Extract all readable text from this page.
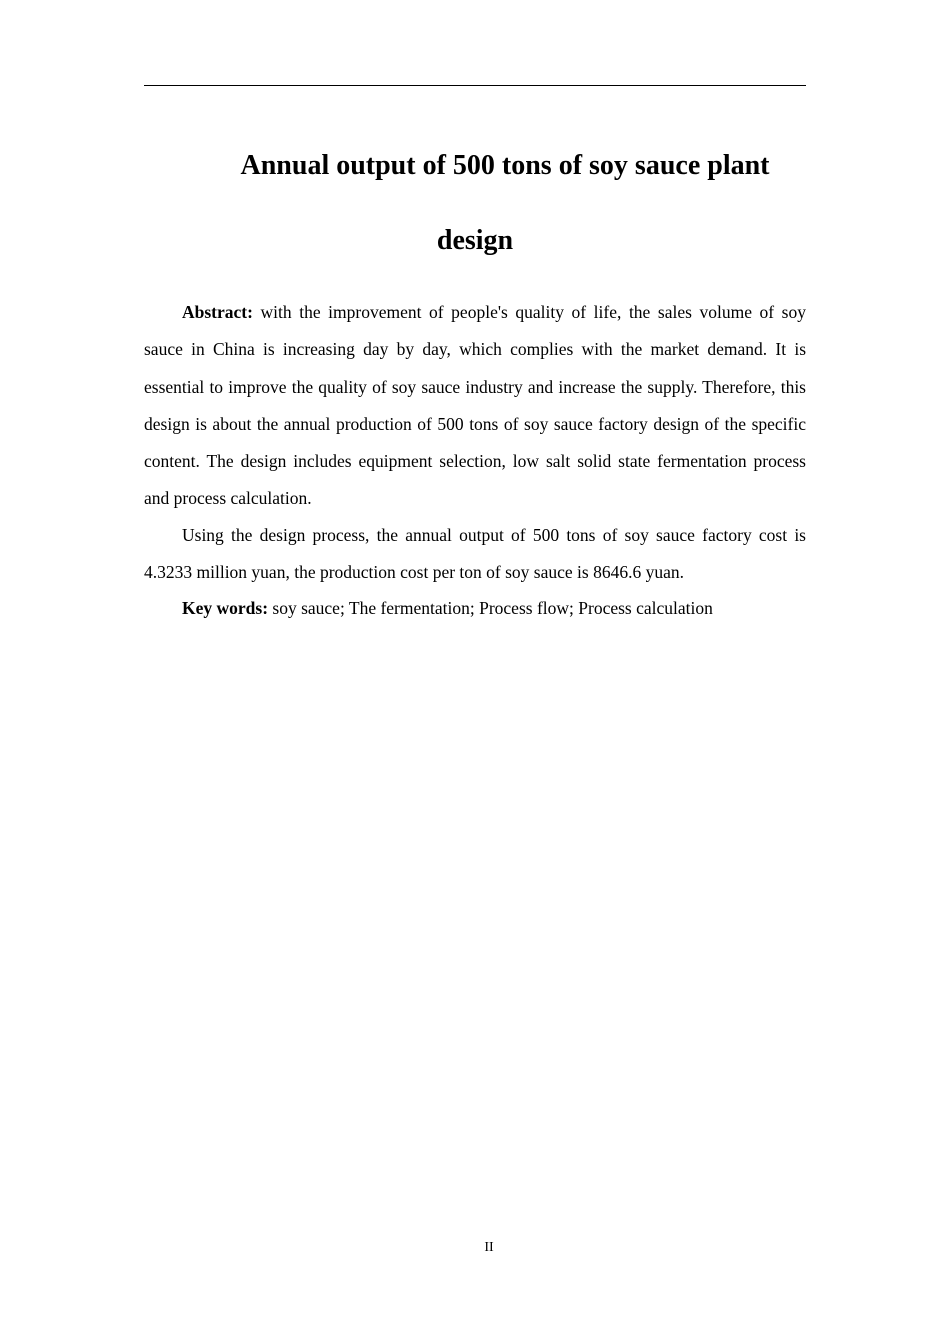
Annual output of 500 tons of soy sauce plant
design

Abstract: with the improvement of people's quality of life, the sales volume of soy sauce in China is increasing day by day, which complies with the market demand. It is essential to improve the quality of soy sauce industry and increase the supply. Therefore, this design is about the annual production of 500 tons of soy sauce factory design of the specific content. The design includes equipment selection, low salt solid state fermentation process and process calculation.

Using the design process, the annual output of 500 tons of soy sauce factory cost is 4.3233 million yuan, the production cost per ton of soy sauce is 8646.6 yuan.

Key words: soy sauce; The fermentation; Process flow; Process calculation

II
